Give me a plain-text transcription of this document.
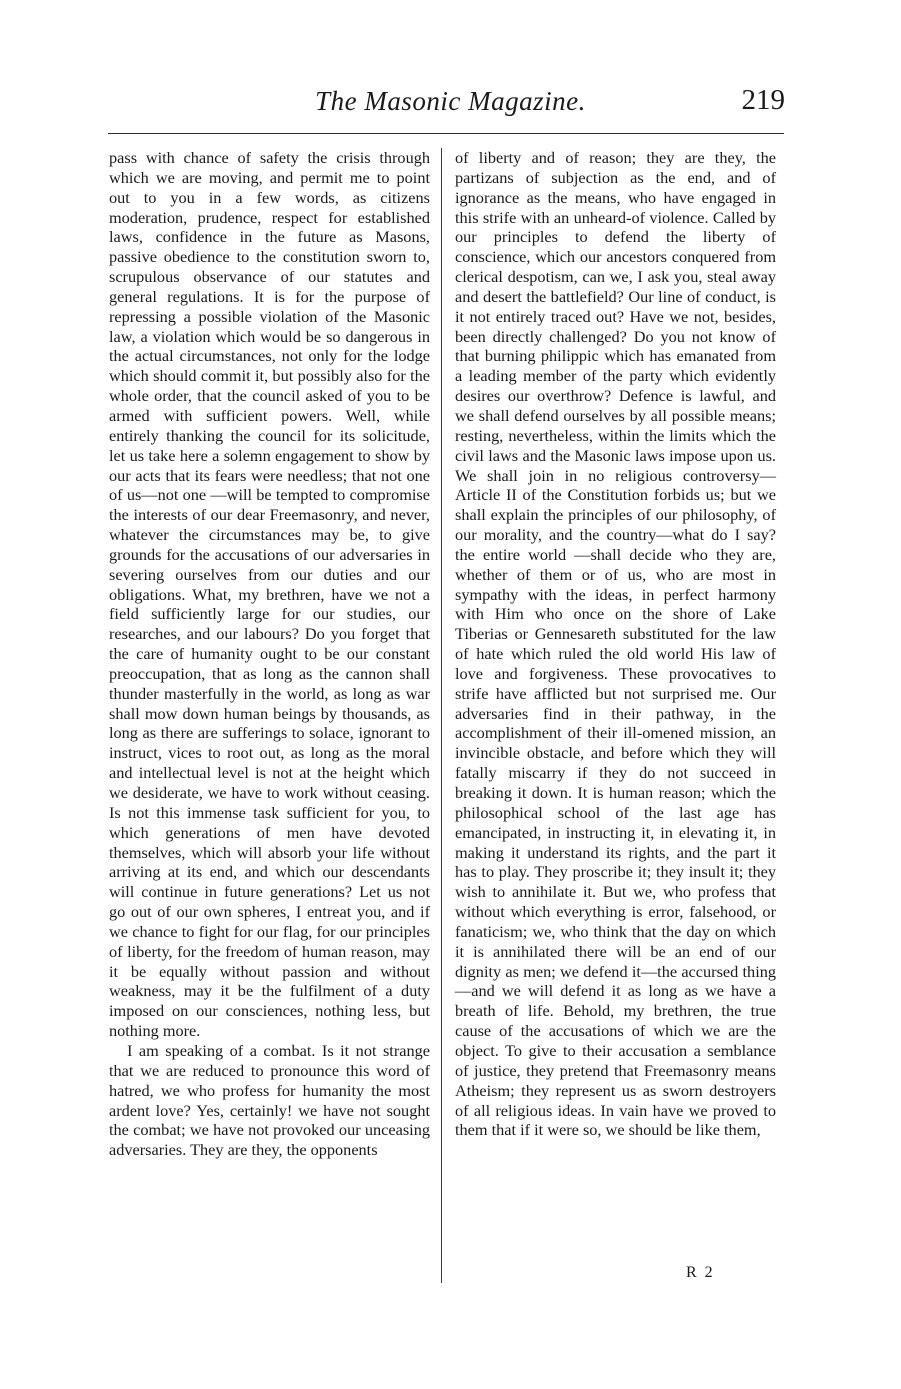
The Masonic Magazine.	219

pass with chance of safety the crisis through which we are moving, and permit me to point out to you in a few words, as citizens moderation, prudence, respect for established laws, confidence in the future as Masons, passive obedience to the constitution sworn to, scrupulous observance of our statutes and general regulations. It is for the purpose of repressing a possible violation of the Masonic law, a violation which would be so dangerous in the actual circumstances, not only for the lodge which should commit it, but possibly also for the whole order, that the council asked of you to be armed with sufficient powers. Well, while entirely thanking the council for its solicitude, let us take here a solemn engagement to show by our acts that its fears were needless; that not one of us—not one —will be tempted to compromise the interests of our dear Freemasonry, and never, whatever the circumstances may be, to give grounds for the accusations of our adversaries in severing ourselves from our duties and our obligations. What, my brethren, have we not a field sufficiently large for our studies, our researches, and our labours? Do you forget that the care of humanity ought to be our constant preoccupation, that as long as the cannon shall thunder masterfully in the world, as long as war shall mow down human beings by thousands, as long as there are sufferings to solace, ignorant to instruct, vices to root out, as long as the moral and intellectual level is not at the height which we desiderate, we have to work without ceasing. Is not this immense task sufficient for you, to which generations of men have devoted themselves, which will absorb your life without arriving at its end, and which our descendants will continue in future generations? Let us not go out of our own spheres, I entreat you, and if we chance to fight for our flag, for our principles of liberty, for the freedom of human reason, may it be equally without passion and without weakness, may it be the fulfilment of a duty imposed on our consciences, nothing less, but nothing more.

I am speaking of a combat. Is it not strange that we are reduced to pronounce this word of hatred, we who profess for humanity the most ardent love? Yes, certainly! we have not sought the combat; we have not provoked our unceasing adversaries. They are they, the opponents

of liberty and of reason; they are they, the partizans of subjection as the end, and of ignorance as the means, who have engaged in this strife with an unheard-of violence. Called by our principles to defend the liberty of conscience, which our ancestors conquered from clerical despotism, can we, I ask you, steal away and desert the battlefield? Our line of conduct, is it not entirely traced out? Have we not, besides, been directly challenged? Do you not know of that burning philippic which has emanated from a leading member of the party which evidently desires our overthrow? Defence is lawful, and we shall defend ourselves by all possible means; resting, nevertheless, within the limits which the civil laws and the Masonic laws impose upon us. We shall join in no religious controversy—Article II of the Constitution forbids us; but we shall explain the principles of our philosophy, of our morality, and the country—what do I say? the entire world —shall decide who they are, whether of them or of us, who are most in sympathy with the ideas, in perfect harmony with Him who once on the shore of Lake Tiberias or Gennesareth substituted for the law of hate which ruled the old world His law of love and forgiveness. These provocatives to strife have afflicted but not surprised me. Our adversaries find in their pathway, in the accomplishment of their ill-omened mission, an invincible obstacle, and before which they will fatally miscarry if they do not succeed in breaking it down. It is human reason; which the philosophical school of the last age has emancipated, in instructing it, in elevating it, in making it understand its rights, and the part it has to play. They proscribe it; they insult it; they wish to annihilate it. But we, who profess that without which everything is error, falsehood, or fanaticism; we, who think that the day on which it is annihilated there will be an end of our dignity as men; we defend it—the accursed thing—and we will defend it as long as we have a breath of life. Behold, my brethren, the true cause of the accusations of which we are the object. To give to their accusation a semblance of justice, they pretend that Freemasonry means Atheism; they represent us as sworn destroyers of all religious ideas. In vain have we proved to them that if it were so, we should be like them,

R 2
